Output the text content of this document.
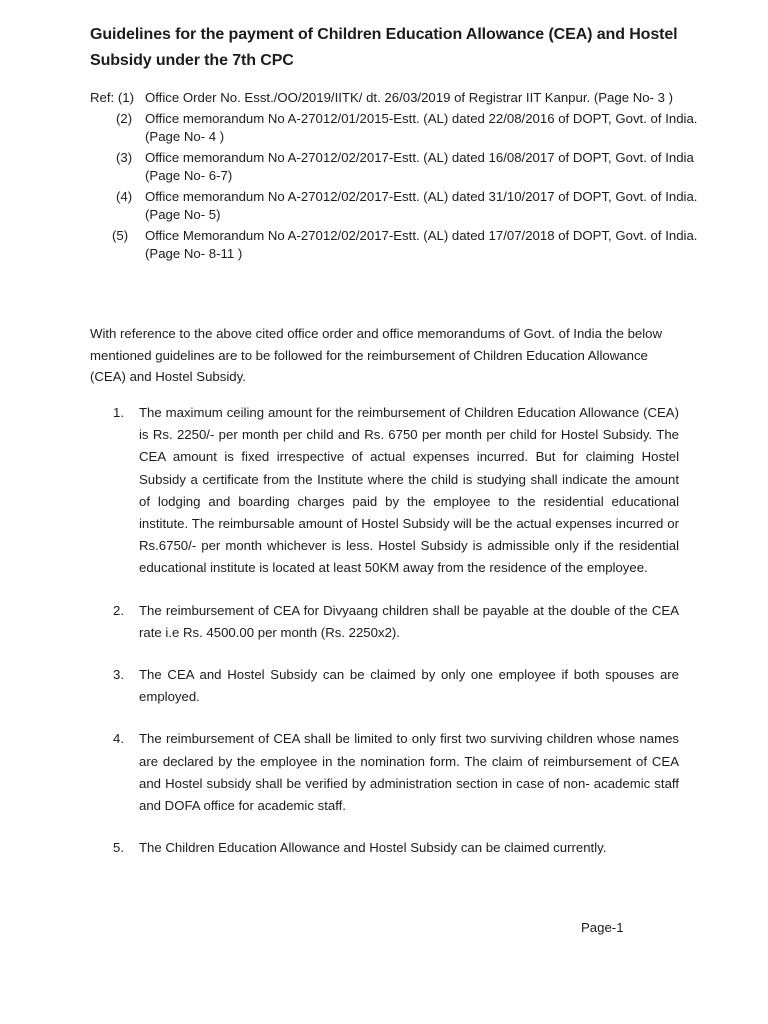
Guidelines for the payment of Children Education Allowance (CEA) and Hostel Subsidy under the 7th CPC
Ref: (1) Office Order No. Esst./OO/2019/IITK/ dt. 26/03/2019 of Registrar IIT Kanpur. (Page No- 3 )
(2) Office memorandum No A-27012/01/2015-Estt. (AL) dated 22/08/2016 of DOPT, Govt. of India. (Page No- 4 )
(3) Office memorandum No A-27012/02/2017-Estt. (AL) dated 16/08/2017 of DOPT, Govt. of India (Page No- 6-7)
(4) Office memorandum No A-27012/02/2017-Estt. (AL) dated 31/10/2017 of DOPT, Govt. of India. (Page No- 5)
(5) Office Memorandum No A-27012/02/2017-Estt. (AL) dated 17/07/2018 of DOPT, Govt. of India. (Page No- 8-11 )
With reference to the above cited office order and office memorandums of Govt. of India the below mentioned guidelines are to be followed for the reimbursement of Children Education Allowance (CEA) and Hostel Subsidy.
1. The maximum ceiling amount for the reimbursement of Children Education Allowance (CEA) is Rs. 2250/- per month per child and Rs. 6750 per month per child for Hostel Subsidy. The CEA amount is fixed irrespective of actual expenses incurred. But for claiming Hostel Subsidy a certificate from the Institute where the child is studying shall indicate the amount of lodging and boarding charges paid by the employee to the residential educational institute. The reimbursable amount of Hostel Subsidy will be the actual expenses incurred or Rs.6750/- per month whichever is less. Hostel Subsidy is admissible only if the residential educational institute is located at least 50KM away from the residence of the employee.
2. The reimbursement of CEA for Divyaang children shall be payable at the double of the CEA rate i.e Rs. 4500.00 per month (Rs. 2250x2).
3. The CEA and Hostel Subsidy can be claimed by only one employee if both spouses are employed.
4. The reimbursement of CEA shall be limited to only first two surviving children whose names are declared by the employee in the nomination form. The claim of reimbursement of CEA and Hostel subsidy shall be verified by administration section in case of non- academic staff and DOFA office for academic staff.
5. The Children Education Allowance and Hostel Subsidy can be claimed currently.
Page-1
